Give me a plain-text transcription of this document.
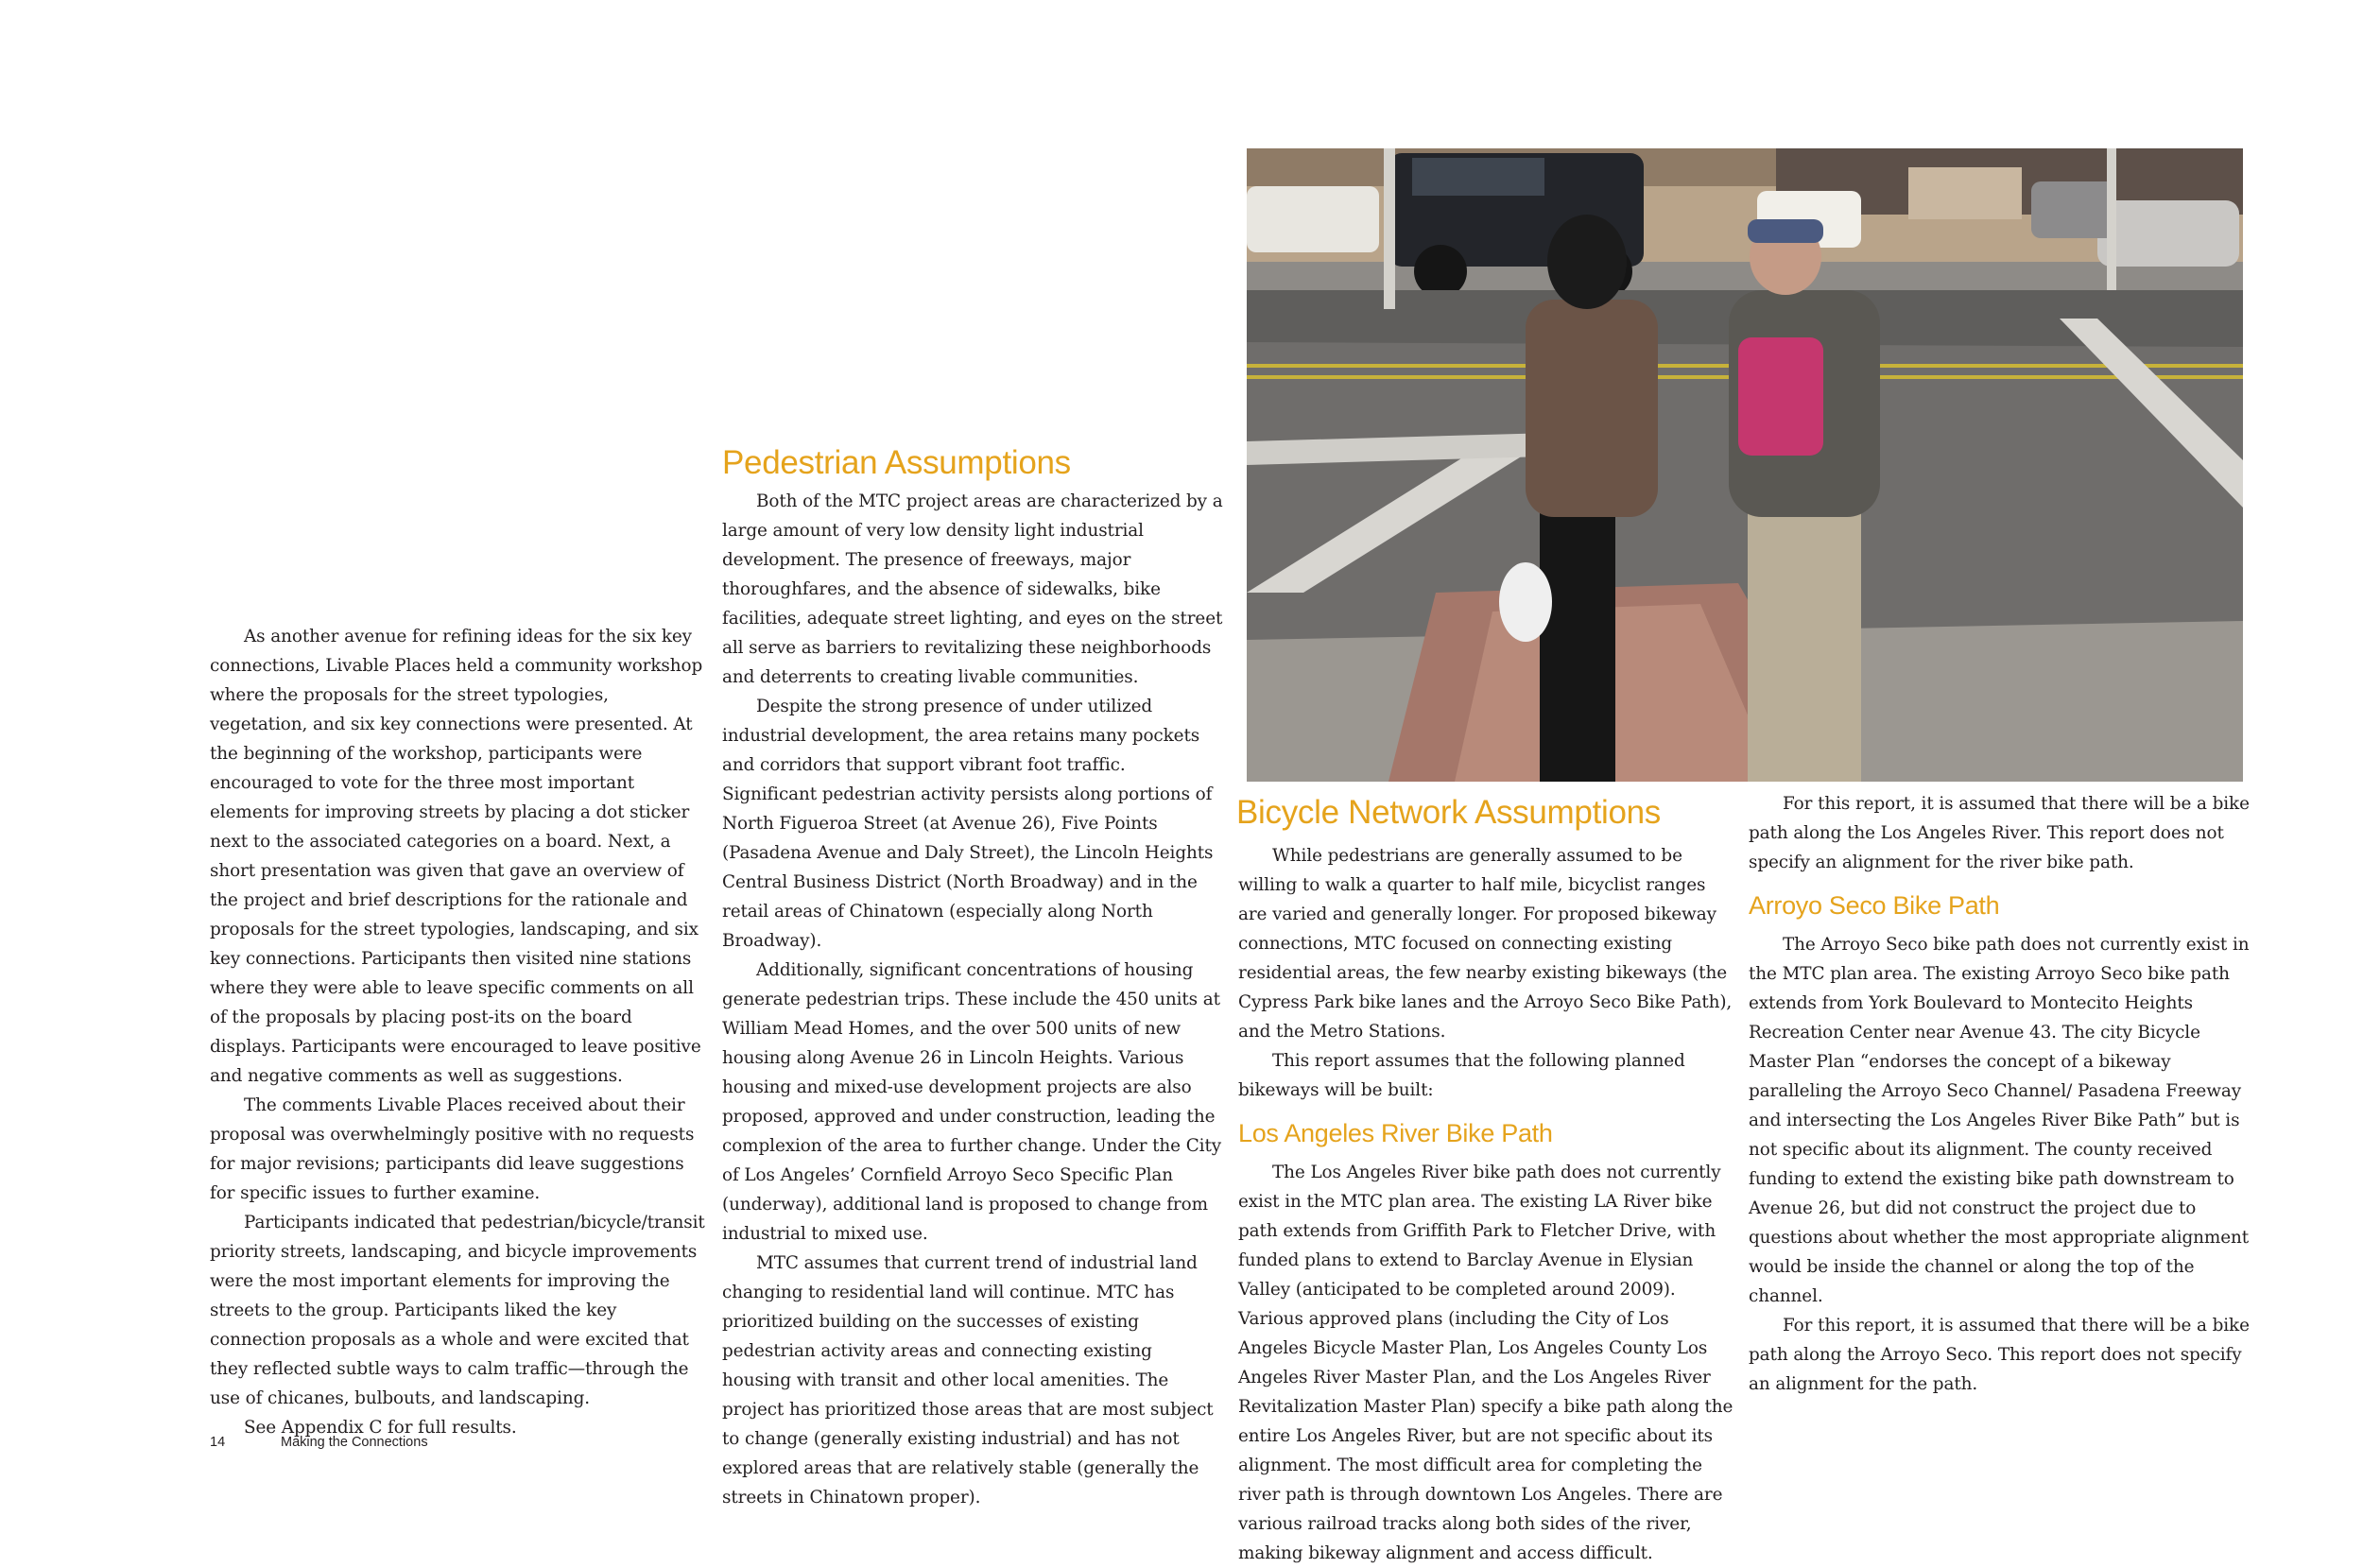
As another avenue for refining ideas for the six key connections, Livable Places held a community workshop where the proposals for the street typologies, vegetation, and six key connections were presented. At the beginning of the workshop, participants were encouraged to vote for the three most important elements for improving streets by placing a dot sticker next to the associated categories on a board. Next, a short presentation was given that gave an overview of the project and brief descriptions for the rationale and proposals for the street typologies, landscaping, and six key connections. Participants then visited nine stations where they were able to leave specific comments on all of the proposals by placing post-its on the board displays. Participants were encouraged to leave positive and negative comments as well as suggestions.

The comments Livable Places received about their proposal was overwhelmingly positive with no requests for major revisions; participants did leave suggestions for specific issues to further examine.

Participants indicated that pedestrian/bicycle/transit priority streets, landscaping, and bicycle improvements were the most important elements for improving the streets to the group. Participants liked the key connection proposals as a whole and were excited that they reflected subtle ways to calm traffic—through the use of chicanes, bulbouts, and landscaping.

See Appendix C for full results.

Pedestrian Assumptions

Both of the MTC project areas are characterized by a large amount of very low density light industrial development. The presence of freeways, major thoroughfares, and the absence of sidewalks, bike facilities, adequate street lighting, and eyes on the street all serve as barriers to revitalizing these neighborhoods and deterrents to creating livable communities.

Despite the strong presence of under utilized industrial development, the area retains many pockets and corridors that support vibrant foot traffic. Significant pedestrian activity persists along portions of North Figueroa Street (at Avenue 26), Five Points (Pasadena Avenue and Daly Street), the Lincoln Heights Central Business District (North Broadway) and in the retail areas of Chinatown (especially along North Broadway).

Additionally, significant concentrations of housing generate pedestrian trips. These include the 450 units at William Mead Homes, and the over 500 units of new housing along Avenue 26 in Lincoln Heights. Various housing and mixed-use development projects are also proposed, approved and under construction, leading the complexion of the area to further change. Under the City of Los Angeles’ Cornfield Arroyo Seco Specific Plan (underway), additional land is proposed to change from industrial to mixed use.

MTC assumes that current trend of industrial land changing to residential land will continue. MTC has prioritized building on the successes of existing pedestrian activity areas and connecting existing housing with transit and other local amenities. The project has prioritized those areas that are most subject to change (generally existing industrial) and has not explored areas that are relatively stable (generally the streets in Chinatown proper).

Bicycle Network Assumptions

While pedestrians are generally assumed to be willing to walk a quarter to half mile, bicyclist ranges are varied and generally longer. For proposed bikeway connections, MTC focused on connecting existing residential areas, the few nearby existing bikeways (the Cypress Park bike lanes and the Arroyo Seco Bike Path), and the Metro Stations.

This report assumes that the following planned bikeways will be built:

Los Angeles River Bike Path

The Los Angeles River bike path does not currently exist in the MTC plan area. The existing LA River bike path extends from Griffith Park to Fletcher Drive, with funded plans to extend to Barclay Avenue in Elysian Valley (anticipated to be completed around 2009). Various approved plans (including the City of Los Angeles Bicycle Master Plan, Los Angeles County Los Angeles River Master Plan, and the Los Angeles River Revitalization Master Plan) specify a bike path along the entire Los Angeles River, but are not specific about its alignment. The most difficult area for completing the river path is through downtown Los Angeles. There are various railroad tracks along both sides of the river, making bikeway alignment and access difficult.

For this report, it is assumed that there will be a bike path along the Los Angeles River. This report does not specify an alignment for the river bike path.

Arroyo Seco Bike Path

The Arroyo Seco bike path does not currently exist in the MTC plan area. The existing Arroyo Seco bike path extends from York Boulevard to Montecito Heights Recreation Center near Avenue 43. The city Bicycle Master Plan “endorses the concept of a bikeway paralleling the Arroyo Seco Channel/ Pasadena Freeway and intersecting the Los Angeles River Bike Path” but is not specific about its alignment. The county received funding to extend the existing bike path downstream to Avenue 26, but did not construct the project due to questions about whether the most appropriate alignment would be inside the channel or along the top of the channel.

For this report, it is assumed that there will be a bike path along the Arroyo Seco. This report does not specify an alignment for the path.

14	Making the Connections
